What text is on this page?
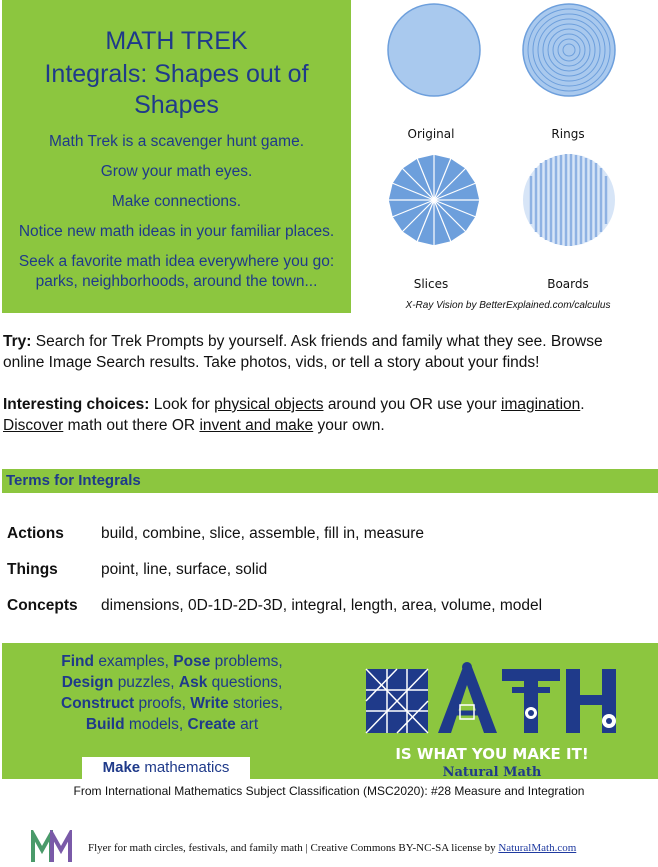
MATH TREK
Integrals: Shapes out of
Shapes

Math Trek is a scavenger hunt game.

Grow your math eyes.

Make connections.

Notice new math ideas in your familiar places.

Seek a favorite math idea everywhere you go:

parks, neighborhoods, around the town...

Original	Rings
Slices	Boards
X-Ray Vision by BetterExplained.com/calculus
Try: Search for Trek Prompts by yourself. Ask friends and family what they see. Browse online Image Search results. Take photos, vids, or tell a story about your finds!
Interesting choices: Look for physical objects around you OR use your imagination.
Discover math out there OR invent and make your own.
Terms for Integrals
Actions build, combine, slice, assemble, fill in, measure
Things	point, line, surface, solid
Concepts dimensions, 0D-1D-2D-3D, integral, length, area, volume, model
Find examples, Pose problems,
Design puzzles, Ask questions,
Construct proofs, Write stories,
Build models, Create art
Make mathematics
IS WHAT YOU MAKE IT!
Natural Math
From International Mathematics Subject Classification (MSC2020): #28 Measure and Integration
Flyer for math circles, festivals, and family math | Creative Commons BY-NC-SA license by NaturalMath.com
